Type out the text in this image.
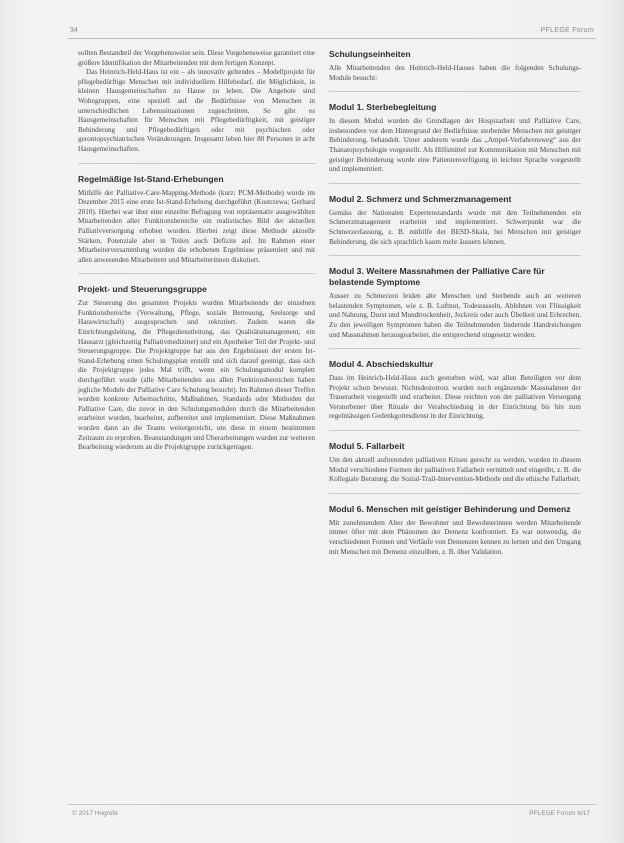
34	PFLEGE Forum

sollten Bestandteil der Vorgehensweise sein. Diese Vorgehensweise garantiert eine größere Identifikation der Mitarbeitenden mit dem fertigen Konzept.

Das Heinrich-Held-Haus ist ein – als innovativ geltendes – Modellprojekt für pflegebedürftige Menschen mit individuellem Hilfebedarf, die Möglichkeit, in kleinen Hausgemeinschaften zu Hause zu leben. Die Angebote sind Wohngruppen, eine speziell auf die Bedürfnisse von Menschen in unterschiedlichen Lebenssituationen zugeschnitten. So gibt es Hausgemeinschaften für Menschen mit Pflegebedürftigkeit, mit geistiger Behinderung und Pflegebedürftigen oder mit psychischen oder gerontopsychiatrischen Veränderungen. Insgesamt leben hier 80 Personen in acht Hausgemeinschaften.

Regelmäßige Ist-Stand-Erhebungen

Mithilfe der Palliative-Care-Mapping-Methode (kurz: PCM-Methode) wurde im Dezember 2015 eine erste Ist-Stand-Erhebung durchgeführt (Kostrzewa; Gerhard 2010). Hierbei war über eine einzelne Befragung von repräsentativ ausgewählten Mitarbeitenden aller Funktionsbereiche ein realistisches Bild der aktuellen Palliativversorgung erhoben worden. Hierbei zeigt diese Methode aktuelle Stärken, Potenziale aber in Teilen auch Defizite auf. Im Rahmen einer Mitarbeiterversammlung wurden die erhobenen Ergebnisse präsentiert und mit allen anwesenden Mitarbeitern und Mitarbeiterinnen diskutiert.

Projekt- und Steuerungsgruppe

Zur Steuerung des gesamten Projekts wurden Mitarbeitende der einzelnen Funktionsbereiche (Verwaltung, Pflege, soziale Betreuung, Seelsorge und Hauswirtschaft) ausgesprochen und rekrutiert. Zudem waren die Einrichtungsleitung, die Pflegedienstleitung, das Qualitätsmanagement, ein Hausarzt (gleichzeitig Palliativmediziner) und ein Apotheker Teil der Projekt- und Steuerungsgruppe. Die Projektgruppe hat aus den Ergebnissen der ersten Ist-Stand-Erhebung einen Schulungsplan erstellt und sich darauf geeinigt, dass sich die Projektgruppe jedes Mal trifft, wenn ein Schulungsmodul komplett durchgeführt wurde (alle Mitarbeitenden aus allen Funktionsbereichen haben jegliche Module der Palliative Care Schulung besucht). Im Rahmen dieser Treffen wurden konkrete Arbeitsschritte, Maßnahmen, Standards oder Methoden der Palliative Care, die zuvor in den Schulungsmodulen durch die Mitarbeitenden erarbeitet wurden, bearbeitet, aufbereitet und implementiert. Diese Maßnahmen wurden dann an die Teams weitergereicht, um diese in einem bestimmten Zeitraum zu erproben. Beanstandungen und Überarbeitungen wurden zur weiteren Bearbeitung wiederum an die Projektgruppe zurückgetragen.

Schulungseinheiten

Alle Mitarbeitenden des Heinrich-Held-Hauses haben die folgenden Schulungs-Module besucht:

Modul 1. Sterbebegleitung

In diesem Modul wurden die Grundlagen der Hospizarbeit und Palliative Care, insbesondere vor dem Hintergrund der Bedürfnisse sterbender Menschen mit geistiger Behinderung, behandelt. Unter anderem wurde das „Ampel-Verfahrensweg“ aus der Thanatopsychologie vorgestellt. Als Hilfsmittel zur Kommunikation mit Menschen mit geistiger Behinderung wurde eine Patientenverfügung in leichter Sprache vorgestellt und implementiert.

Modul 2. Schmerz und Schmerzmanagement

Gemäss der Nationalen Expertenstandards wurde mit den Teilnehmenden ein Schmerzmanagement erarbeitet und implementiert. Schwerpunkt war die Schmerzerfassung, z. B. mithilfe der BESD-Skala, bei Menschen mit geistiger Behinderung, die sich sprachlich kaum mehr äussern können.

Modul 3. Weitere Massnahmen der Palliative Care für belastende Symptome

Ausser zu Schmerzen leiden alte Menschen und Sterbende auch an weiteren belastenden Symptomen, wie z. B. Luftnot, Todesrasseln, Ablehnen von Flüssigkeit und Nahrung, Durst und Mundtrockenheit, Juckreiz oder auch Übelkeit und Erbrechen. Zu den jeweiligen Symptomen haben die Teilnehmenden lindernde Handreichungen und Massnahmen herausgearbeitet, die entsprechend eingesetzt werden.

Modul 4. Abschiedskultur

Dass im Heinrich-Held-Haus auch gestorben wird, war allen Beteiligten vor dem Projekt schon bewusst. Nichtsdestotrotz wurden noch ergänzende Massnahmen der Trauerarbeit vorgestellt und erarbeitet. Diese reichten von der palliativen Versorgung Verstorbener über Rituale der Verabschiedung in der Einrichtung bis hin zum regelmässigen Gedenkgottesdienst in der Einrichtung.

Modul 5. Fallarbeit

Um den aktuell auftretenden palliativen Krisen gerecht zu werden, wurden in diesem Modul verschiedene Formen der palliativen Fallarbeit vermittelt und eingeübt, z. B. die Kollegiale Beratung, die Sozial-Trail-Intervention-Methode und die ethische Fallarbeit.

Modul 6. Menschen mit geistiger Behinderung und Demenz

Mit zunehmendem Alter der Bewohner und Bewohnerinnen werden Mitarbeitende immer öfter mit dem Phänomen der Demenz konfrontiert. Es war notwendig, die verschiedenen Formen und Verläufe von Demenzen kennen zu lernen und den Umgang mit Menschen mit Demenz einzuüben, z. B. über Validation.

© 2017 Hogrefe	PFLEGE Forum 6/17
